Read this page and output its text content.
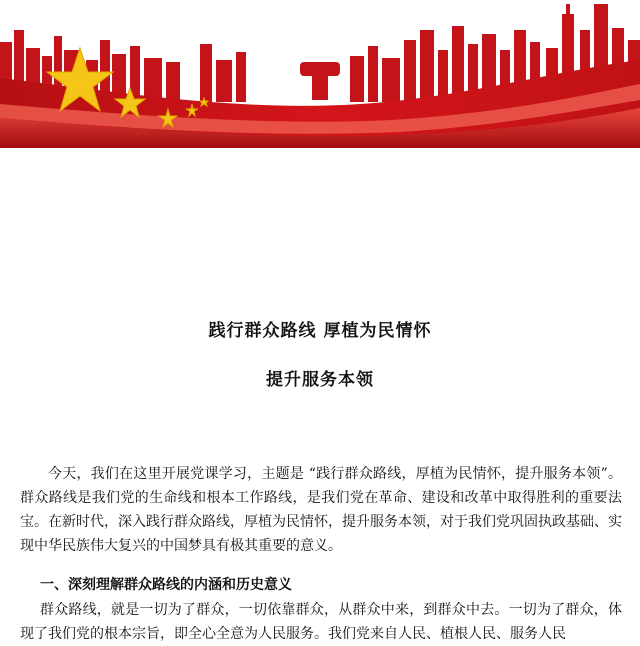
践行群众路线 厚植为民情怀
提升服务本领
今天，我们在这里开展党课学习，主题是 “践行群众路线，厚植为民情怀，提升服务本领”。群众路线是我们党的生命线和根本工作路线，是我们党在革命、建设和改革中取得胜利的重要法宝。在新时代，深入践行群众路线，厚植为民情怀，提升服务本领，对于我们党巩固执政基础、实现中华民族伟大复兴的中国梦具有极其重要的意义。
一、深刻理解群众路线的内涵和历史意义
群众路线，就是一切为了群众，一切依靠群众，从群众中来，到群众中去。一切为了群众，体现了我们党的根本宗旨，即全心全意为人民服务。我们党来自人民、植根人民、服务人民
